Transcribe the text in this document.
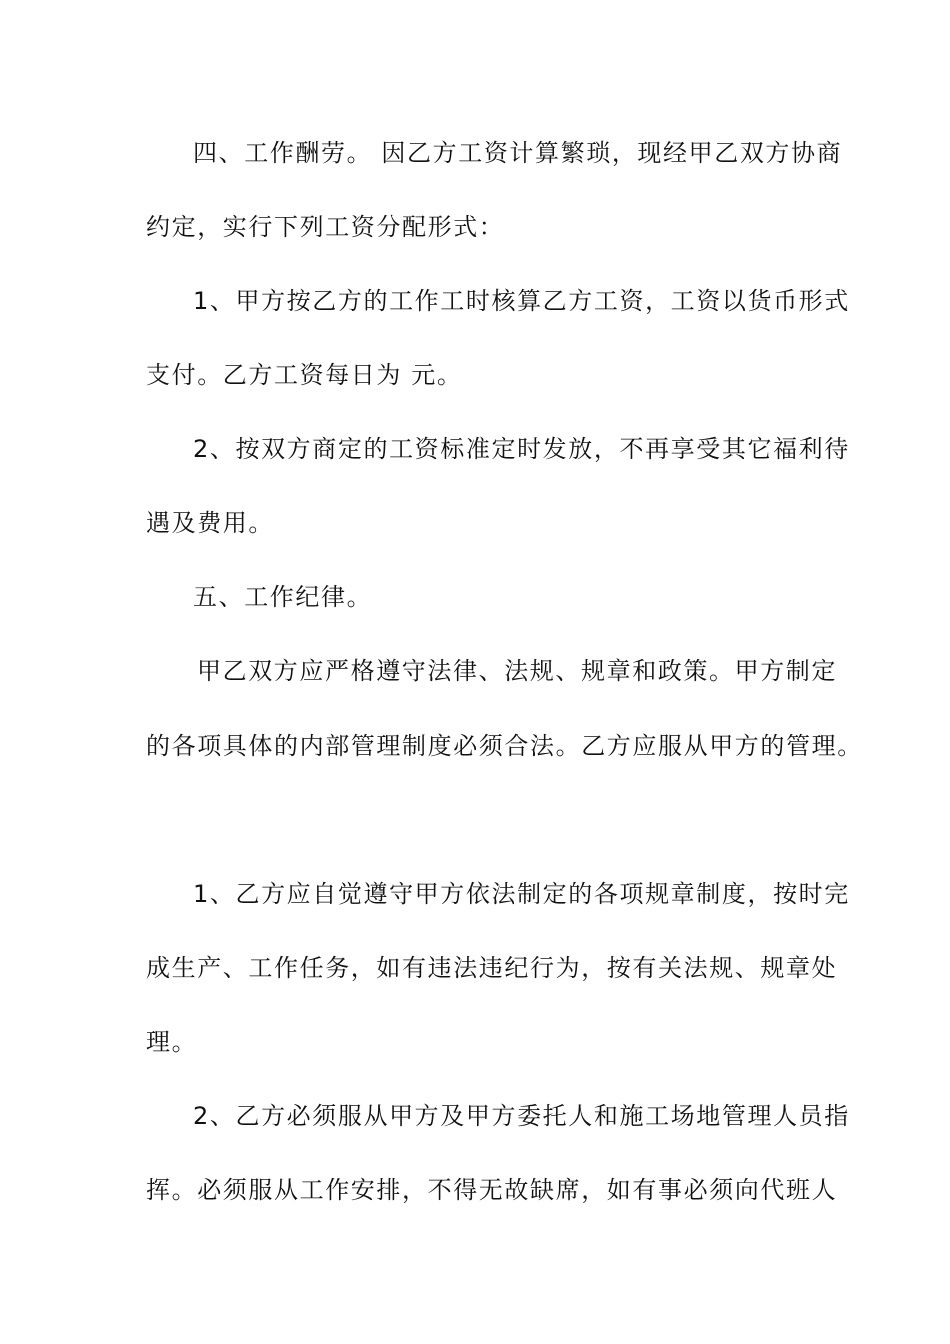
四、工作酬劳。 因乙方工资计算繁琐，现经甲乙双方协商
约定，实行下列工资分配形式：
1、甲方按乙方的工作工时核算乙方工资，工资以货币形式
支付。乙方工资每日为 元。
2、按双方商定的工资标准定时发放，不再享受其它福利待
遇及费用。
五、工作纪律。
甲乙双方应严格遵守法律、法规、规章和政策。甲方制定
的各项具体的内部管理制度必须合法。乙方应服从甲方的管理。
1、乙方应自觉遵守甲方依法制定的各项规章制度，按时完
成生产、工作任务，如有违法违纪行为，按有关法规、规章处
理。
2、乙方必须服从甲方及甲方委托人和施工场地管理人员指
挥。必须服从工作安排，不得无故缺席，如有事必须向代班人
